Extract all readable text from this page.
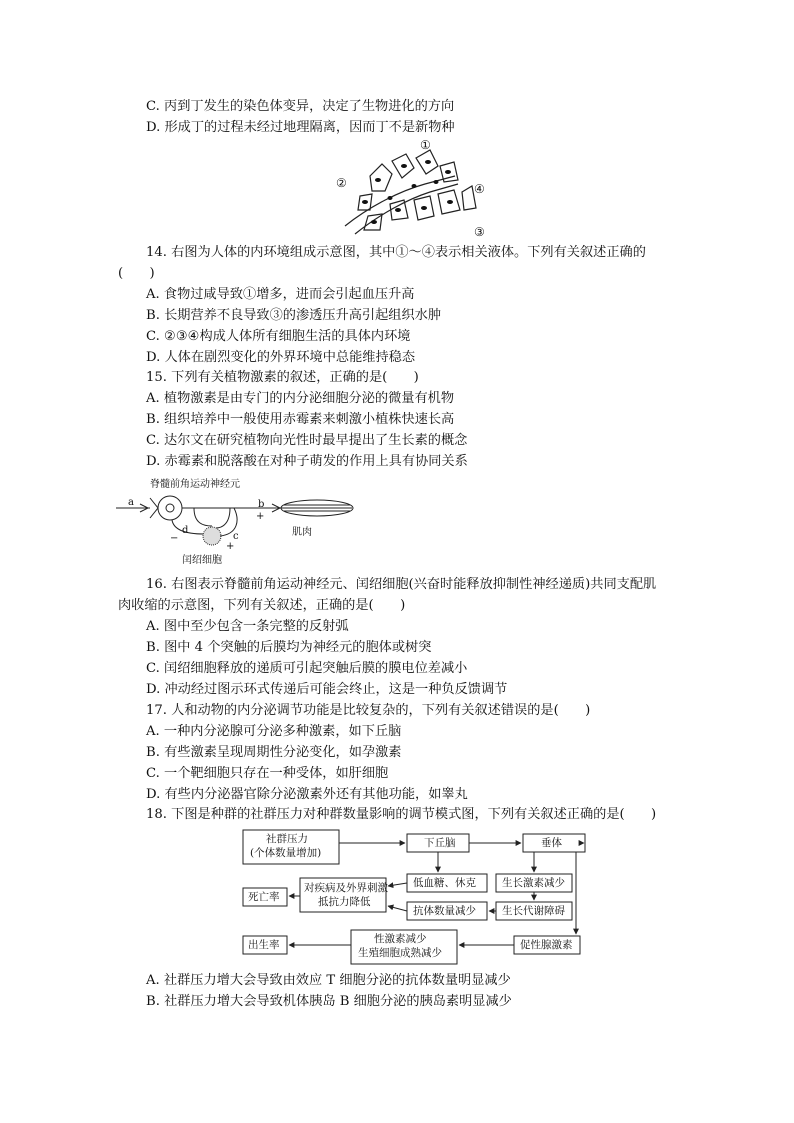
C. 丙到丁发生的染色体变异，决定了生物进化的方向
D. 形成丁的过程未经过地理隔离，因而丁不是新物种
①
②	④
③
14. 右图为人体的内环境组成示意图，其中①～④表示相关液体。下列有关叙述正确的
(　　)
A. 食物过咸导致①增多，进而会引起血压升高
B. 长期营养不良导致③的渗透压升高引起组织水肿
C. ②③④构成人体所有细胞生活的具体内环境
D. 人体在剧烈变化的外界环境中总能维持稳态
15. 下列有关植物激素的叙述，正确的是(　　)
A. 植物激素是由专门的内分泌细胞分泌的微量有机物
B. 组织培养中一般使用赤霉素来刺激小植株快速长高
C. 达尔文在研究植物向光性时最早提出了生长素的概念
D. 赤霉素和脱落酸在对种子萌发的作用上具有协同关系
脊髓前角运动神经元
a	b
+
d
c
−
+
闰绍细胞
肌肉
16. 右图表示脊髓前角运动神经元、闰绍细胞(兴奋时能释放抑制性神经递质)共同支配肌
肉收缩的示意图，下列有关叙述，正确的是(　　)
A. 图中至少包含一条完整的反射弧
B. 图中 4 个突触的后膜均为神经元的胞体或树突
C. 闰绍细胞释放的递质可引起突触后膜的膜电位差减小
D. 冲动经过图示环式传递后可能会终止，这是一种负反馈调节
17. 人和动物的内分泌调节功能是比较复杂的，下列有关叙述错误的是(　　)
A. 一种内分泌腺可分泌多种激素，如下丘脑
B. 有些激素呈现周期性分泌变化，如孕激素
C. 一个靶细胞只存在一种受体，如肝细胞
D. 有些内分泌器官除分泌激素外还有其他功能，如睾丸
18. 下图是种群的社群压力对种群数量影响的调节模式图，下列有关叙述正确的是(　　)
社群压力
(个体数量增加)
下丘脑	垂体
低血糖、休克 生长激素减少
对疾病及外界刺激
抵抗力降低
死亡率
抗体数量减少 生长代谢障碍
出生率	性激素减少
生殖细胞成熟减少
促性腺激素
A. 社群压力增大会导致由效应 T 细胞分泌的抗体数量明显减少
B. 社群压力增大会导致机体胰岛 B 细胞分泌的胰岛素明显减少
